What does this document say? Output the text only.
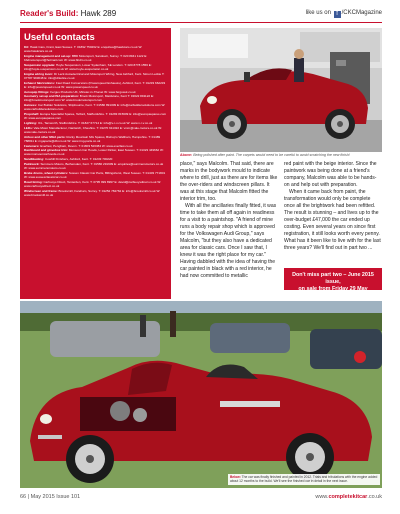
Reader's Build: Hawk 289	like us on f /CKCMagazine
Useful contacts
Kit: Hawk Cars, Frant, East Sussex. T: 01892 750262 E: enquiries@hawkcars.co.uk W: www.hawkcars.co.uk
Engine management and set-up: BBD Motorsport, Sandown, Surrey. T: 020 8941 1122 E: bbdmotorsport@hotmail.com W: www.bbdm.co.uk
Suspension upgrade: Hoyle Suspension, Lower Sydenham, SE London. T: 020 8778 1556 E: info@hoyle-suspension.co.uk W: www.hoyle-suspension.co.uk
Engine wiring loom: Dr Leck Autoelectrical and Motorsport Wiring, New Ashford, Kent. Simon Leckie T: 07787 993048 E: info@drleckie.co.uk
Exhaust fabrications: Fast Road Conversions (Powerspeed Exhausts), Ashford, Kent. T: 01233 662233 E: info@powerspeed.co.uk W: www.powerspeed.co.uk
Aeroquip fittings: Fergus Products UK, Minster-in-Thanet W: www.fergusuk.co.uk
Geometry set-up and ISA preparation: Brook Motorsport, Maidstone, Kent T: 01622 891122 E: info@brookmotorsport.com W: www.brookmotorsport.com
Harness: Car Builder Solutions, Shipbourne, Kent. T: 01580 891309 E: info@carbuildersolutions.com W: www.carbuildersolutions.com
Propshaft: Europa Specialist Spares, Telford, Staffordshire. T: 01283 815609 E: info@europaspares.com W: www.europaspares.com
Lighting: ICL, Tamworth, Staffordshire. T: 01827 67714 E: info@v-r-v.co.uk W: www.v-r-v.co.uk
LEDs: Vale Motor Manufacturer, Nantwich, Cheshire. T: 01270 611322 E: vmm@vale-motors.co.uk W: www.vale-motors.co.uk
Airbox and other MGA parts: Rocky Mountain MG Spares, Bishop's Waltham, Hampshire. T: 01489 788811 E: mgaparts@dbi.co.uk W: www.rmg-parts.co.uk
Fasteners: Everfast, Pengham, Devon. T: 01803 526384 W: www.everfast.co.uk
Dashboard and glovebox trim: Monsoon Car Hoods, Lower Dicker, East Sussex. T: 01323 449662 W: www.monsooncarhoods.co.uk
Sandblasting: Cowhill Finishers, Ashford, Kent. T: 01233 700220
Paintwork: Summers Motors, Bethersden, Kent. T: 01580 291909 E: enquiries@summersmotors.co.uk W: www.summersmotors.co.uk
Brake drums, wheel cylinders: Sussex Classic Car Parts, Billingshurst, West Sussex. T: 01403 771801 W: www.sussexclassiccar.co.uk
Road timing: Carbuoys Direct, Tenterden, Kent. T: 0795 999 8997 E: david@carbuoysdirect.co.uk W: www.carbuoysdirect.co.uk
Windscreen and frame: Brooksmill, Fareham, Surrey. T: 01252 782762 E: info@brooksmill.co.uk W: www.brooksmill.co.uk
Above: Being polished after paint. The carpets would need to be careful to avoid scratching the new finish!

place," says Malcolm. That said, there are marks in the bodywork mould to indicate where to drill, just as there are for items like the over-riders and windscreen pillars. It was at this stage that Malcolm fitted the interior trim, too.

With all the ancillaries finally fitted, it was time to take them all off again in readiness for a visit to a paintshop. "A friend of mine runs a body repair shop which is approved for the Volkswagen Audi Group," says Malcolm, "but they also have a dedicated area for classic cars. Once I saw that, I knew it was the right place for my car." Having dabbled with the idea of having the car painted in black with a red interior, he had now committed to metallic

red paint with the beige interior. Since the paintwork was being done at a friend's company, Malcolm was able to be hands-on and help out with preparation.

When it came back from paint, the transformation would only be complete once all the brightwork had been refitted. The result is stunning – and lives up to the over-budget £47,000 the car ended up costing. Even several years on since first registration, it still looks worth every penny. What has it been like to live with for the last three years? We'll find out in part two ...

Don't miss part two – June 2015 issue,
on sale from Friday 29 May
Below: The car was finally finished and painted in 2012. Trials and tribulations with the engine added about 12 months to the build. We'll see the finished car in detail in the next issue.
66 | May 2015 Issue 101	www.completekitcar.co.uk
